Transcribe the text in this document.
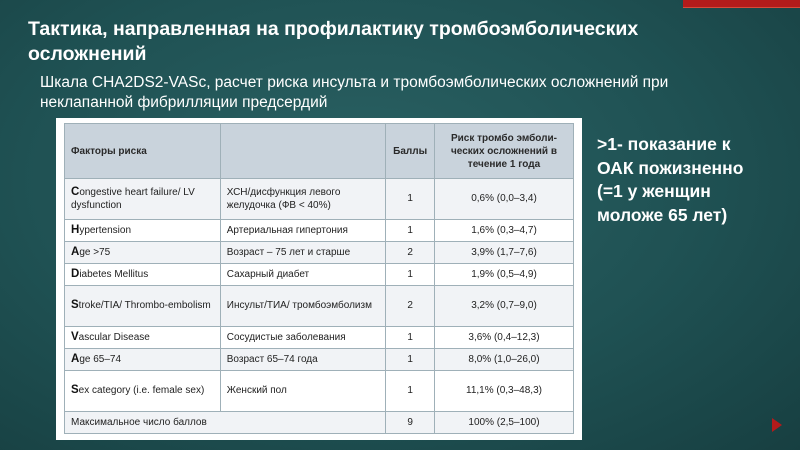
Тактика, направленная на профилактику тромбоэмболических осложнений

Шкала CHA2DS2-VASc, расчет риска инсульта и тромбоэмболических осложнений при неклапанной фибрилляции предсердий

>1- показание к
ОАК пожизненно
(=1 у женщин
моложе 65 лет)

Факторы риска		Баллы	Риск тромбо эмболи-ческих осложнений в течение 1 года
Congestive heart failure/ LV dysfunction	ХСН/дисфункция левого желудочка (ФВ < 40%)	1	0,6% (0,0–3,4)
Hypertension	Артериальная гипертония	1	1,6% (0,3–4,7)
Age >75	Возраст – 75 лет и старше	2	3,9% (1,7–7,6)
Diabetes Mellitus	Сахарный диабет	1	1,9% (0,5–4,9)
Stroke/TIA/ Thrombo-embolism	Инсульт/ТИА/ тромбоэмболизм	2	3,2% (0,7–9,0)
Vascular Disease	Сосудистые заболевания	1	3,6% (0,4–12,3)
Age 65–74	Возраст 65–74 года	1	8,0% (1,0–26,0)
Sex category (i.e. female sex)	Женский пол	1	11,1% (0,3–48,3)
Максимальное число баллов		9	100% (2,5–100)
